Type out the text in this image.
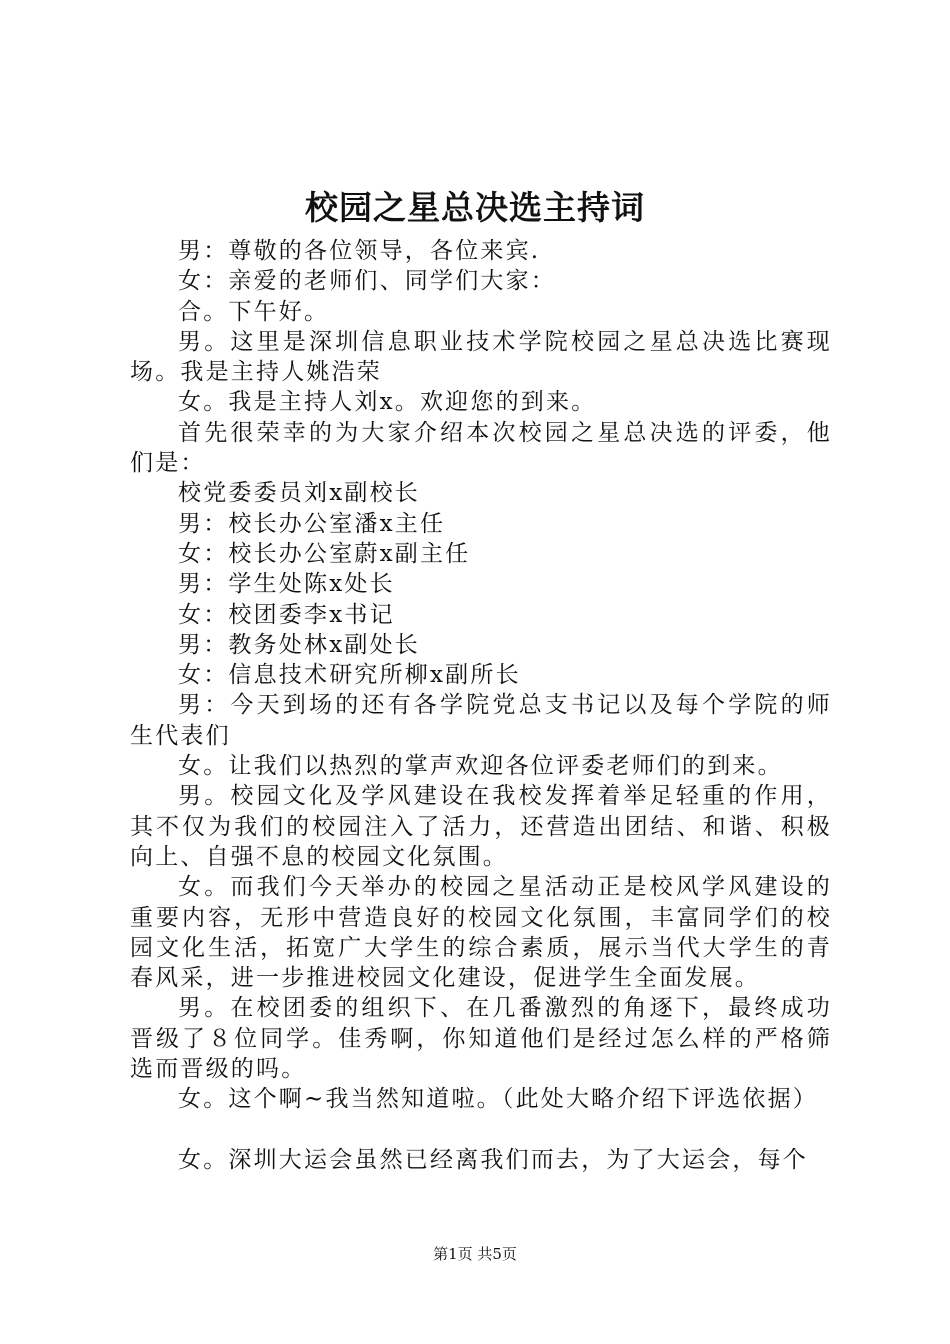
校园之星总决选主持词

男：尊敬的各位领导，各位来宾.

女：亲爱的老师们、同学们大家：

合。下午好。

男。这里是深圳信息职业技术学院校园之星总决选比赛现场。我是主持人姚浩荣

女。我是主持人刘x。欢迎您的到来。

首先很荣幸的为大家介绍本次校园之星总决选的评委，他们是：

校党委委员刘x副校长

男：校长办公室潘x主任

女：校长办公室蔚x副主任

男：学生处陈x处长

女：校团委李x书记

男：教务处林x副处长

女：信息技术研究所柳x副所长

男：今天到场的还有各学院党总支书记以及每个学院的师生代表们

女。让我们以热烈的掌声欢迎各位评委老师们的到来。

男。校园文化及学风建设在我校发挥着举足轻重的作用，其不仅为我们的校园注入了活力，还营造出团结、和谐、积极向上、自强不息的校园文化氛围。

女。而我们今天举办的校园之星活动正是校风学风建设的重要内容，无形中营造良好的校园文化氛围，丰富同学们的校园文化生活，拓宽广大学生的综合素质，展示当代大学生的青春风采，进一步推进校园文化建设，促进学生全面发展。

男。在校团委的组织下、在几番激烈的角逐下，最终成功晋级了８位同学。佳秀啊，你知道他们是经过怎么样的严格筛选而晋级的吗。

女。这个啊~我当然知道啦。（此处大略介绍下评选依据）

女。深圳大运会虽然已经离我们而去，为了大运会，每个

第1页 共5页
